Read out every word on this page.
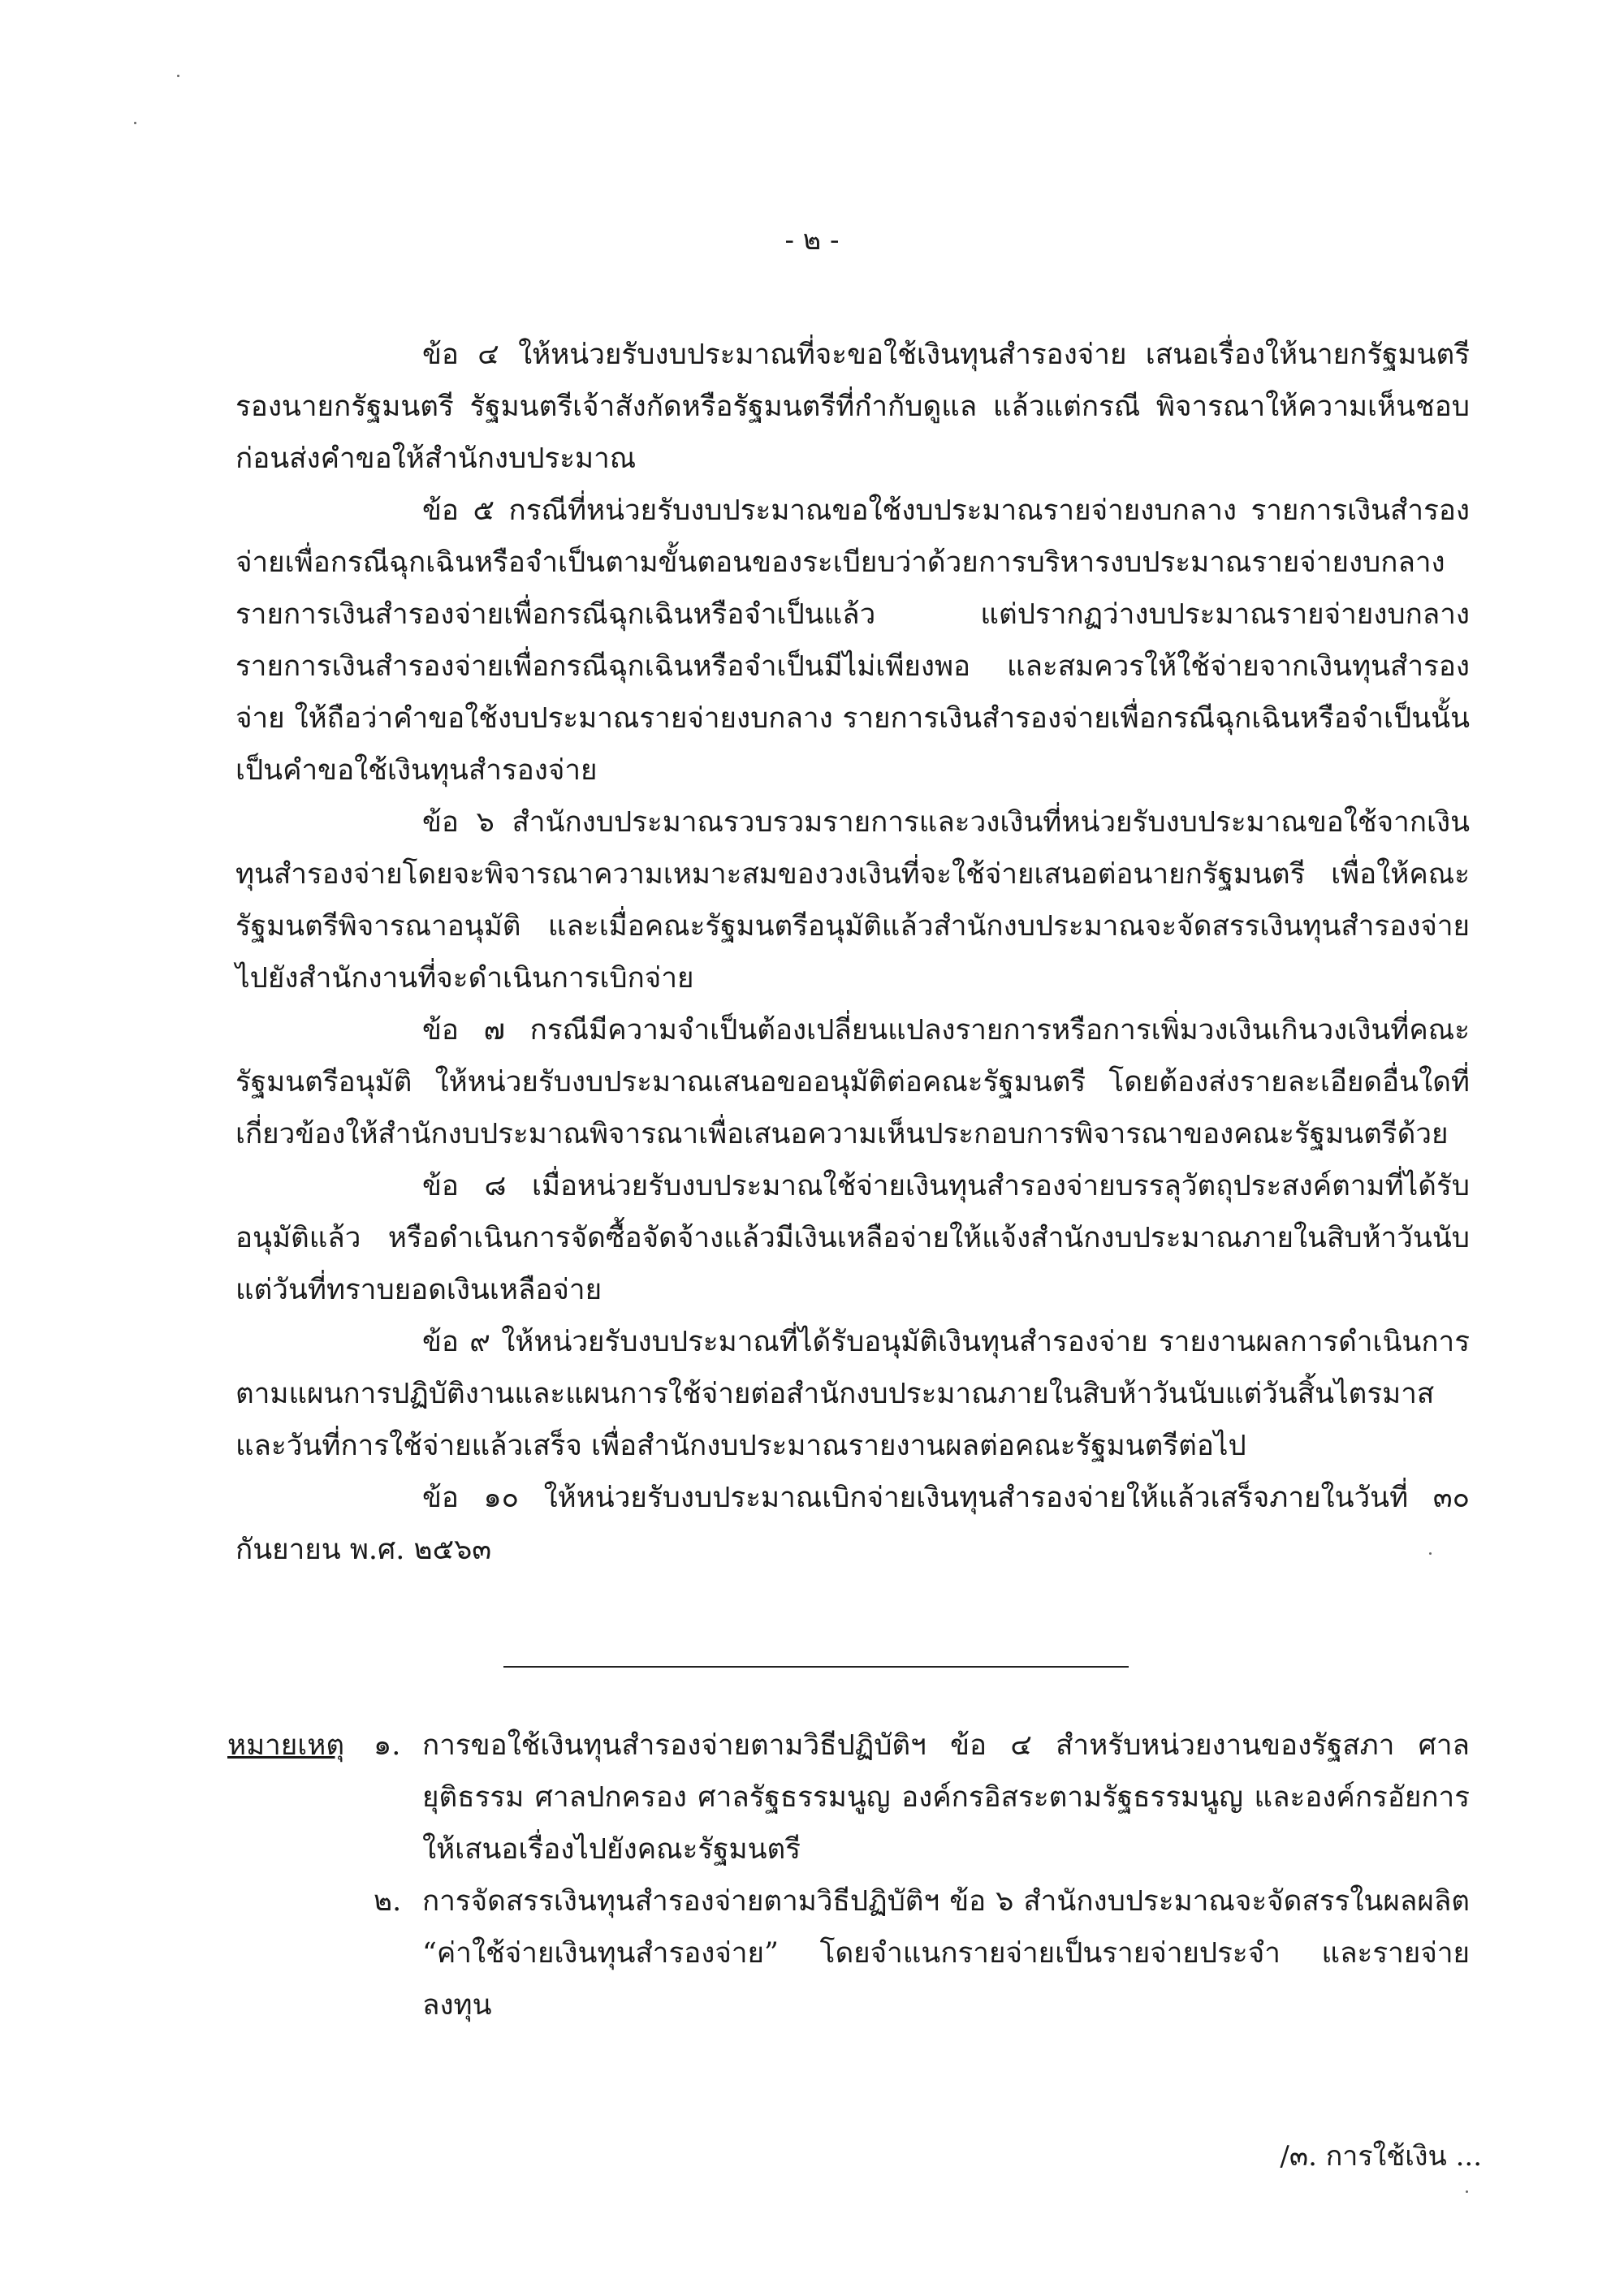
- ๒ -

ข้อ ๔ ให้หน่วยรับงบประมาณที่จะขอใช้เงินทุนสำรองจ่าย เสนอเรื่องให้นายกรัฐมนตรี รองนายกรัฐมนตรี รัฐมนตรีเจ้าสังกัดหรือรัฐมนตรีที่กำกับดูแล แล้วแต่กรณี พิจารณาให้ความเห็นชอบก่อนส่งคำขอให้สำนักงบประมาณ

ข้อ ๕ กรณีที่หน่วยรับงบประมาณขอใช้งบประมาณรายจ่ายงบกลาง รายการเงินสำรองจ่ายเพื่อกรณีฉุกเฉินหรือจำเป็นตามขั้นตอนของระเบียบว่าด้วยการบริหารงบประมาณรายจ่ายงบกลาง รายการเงินสำรองจ่ายเพื่อกรณีฉุกเฉินหรือจำเป็นแล้ว แต่ปรากฏว่างบประมาณรายจ่ายงบกลาง รายการเงินสำรองจ่ายเพื่อกรณีฉุกเฉินหรือจำเป็นมีไม่เพียงพอ และสมควรให้ใช้จ่ายจากเงินทุนสำรองจ่าย ให้ถือว่าคำขอใช้งบประมาณรายจ่ายงบกลาง รายการเงินสำรองจ่ายเพื่อกรณีฉุกเฉินหรือจำเป็นนั้น เป็นคำขอใช้เงินทุนสำรองจ่าย

ข้อ ๖ สำนักงบประมาณรวบรวมรายการและวงเงินที่หน่วยรับงบประมาณขอใช้จากเงินทุนสำรองจ่ายโดยจะพิจารณาความเหมาะสมของวงเงินที่จะใช้จ่ายเสนอต่อนายกรัฐมนตรี เพื่อให้คณะรัฐมนตรีพิจารณาอนุมัติ และเมื่อคณะรัฐมนตรีอนุมัติแล้วสำนักงบประมาณจะจัดสรรเงินทุนสำรองจ่ายไปยังสำนักงานที่จะดำเนินการเบิกจ่าย

ข้อ ๗ กรณีมีความจำเป็นต้องเปลี่ยนแปลงรายการหรือการเพิ่มวงเงินเกินวงเงินที่คณะรัฐมนตรีอนุมัติ ให้หน่วยรับงบประมาณเสนอขออนุมัติต่อคณะรัฐมนตรี โดยต้องส่งรายละเอียดอื่นใดที่เกี่ยวข้องให้สำนักงบประมาณพิจารณาเพื่อเสนอความเห็นประกอบการพิจารณาของคณะรัฐมนตรีด้วย

ข้อ ๘ เมื่อหน่วยรับงบประมาณใช้จ่ายเงินทุนสำรองจ่ายบรรลุวัตถุประสงค์ตามที่ได้รับอนุมัติแล้ว หรือดำเนินการจัดซื้อจัดจ้างแล้วมีเงินเหลือจ่ายให้แจ้งสำนักงบประมาณภายในสิบห้าวันนับแต่วันที่ทราบยอดเงินเหลือจ่าย

ข้อ ๙ ให้หน่วยรับงบประมาณที่ได้รับอนุมัติเงินทุนสำรองจ่าย รายงานผลการดำเนินการตามแผนการปฏิบัติงานและแผนการใช้จ่ายต่อสำนักงบประมาณภายในสิบห้าวันนับแต่วันสิ้นไตรมาสและวันที่การใช้จ่ายแล้วเสร็จ เพื่อสำนักงบประมาณรายงานผลต่อคณะรัฐมนตรีต่อไป

ข้อ ๑๐ ให้หน่วยรับงบประมาณเบิกจ่ายเงินทุนสำรองจ่ายให้แล้วเสร็จภายในวันที่ ๓๐ กันยายน พ.ศ. ๒๕๖๓

หมายเหตุ ๑. การขอใช้เงินทุนสำรองจ่ายตามวิธีปฏิบัติฯ ข้อ ๔ สำหรับหน่วยงานของรัฐสภา ศาลยุติธรรม ศาลปกครอง ศาลรัฐธรรมนูญ องค์กรอิสระตามรัฐธรรมนูญ และองค์กรอัยการ ให้เสนอเรื่องไปยังคณะรัฐมนตรี
๒. การจัดสรรเงินทุนสำรองจ่ายตามวิธีปฏิบัติฯ ข้อ ๖ สำนักงบประมาณจะจัดสรรในผลผลิต “ค่าใช้จ่ายเงินทุนสำรองจ่าย” โดยจำแนกรายจ่ายเป็นรายจ่ายประจำ และรายจ่ายลงทุน
/๓. การใช้เงิน ...
